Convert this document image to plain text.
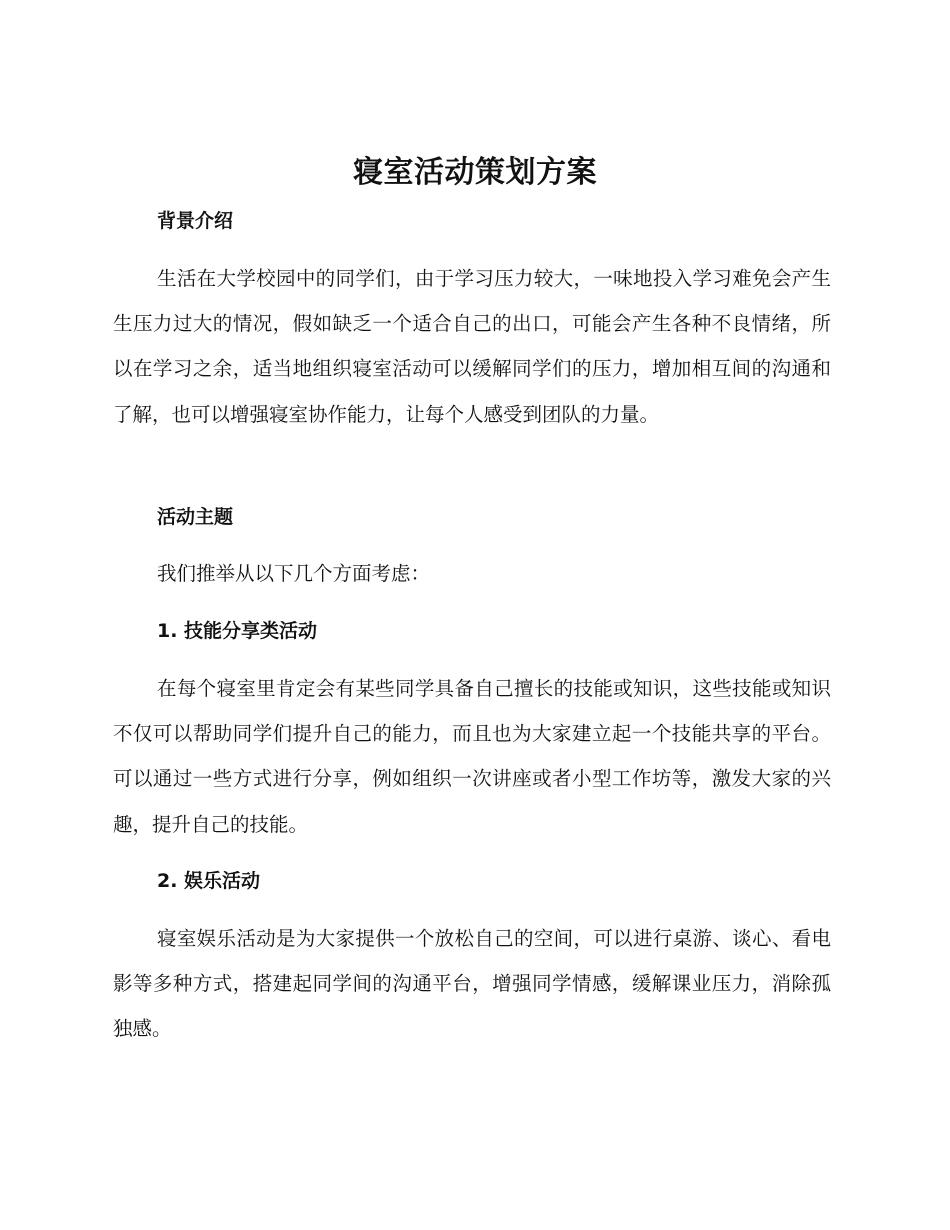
寝室活动策划方案
背景介绍

生活在大学校园中的同学们，由于学习压力较大，一味地投入学习难免会产生生压力过大的情况，假如缺乏一个适合自己的出口，可能会产生各种不良情绪，所以在学习之余，适当地组织寝室活动可以缓解同学们的压力，增加相互间的沟通和了解，也可以增强寝室协作能力，让每个人感受到团队的力量。

活动主题

我们推举从以下几个方面考虑：

1. 技能分享类活动

在每个寝室里肯定会有某些同学具备自己擅长的技能或知识，这些技能或知识不仅可以帮助同学们提升自己的能力，而且也为大家建立起一个技能共享的平台。可以通过一些方式进行分享，例如组织一次讲座或者小型工作坊等，激发大家的兴趣，提升自己的技能。

2. 娱乐活动

寝室娱乐活动是为大家提供一个放松自己的空间，可以进行桌游、谈心、看电影等多种方式，搭建起同学间的沟通平台，增强同学情感，缓解课业压力，消除孤独感。
